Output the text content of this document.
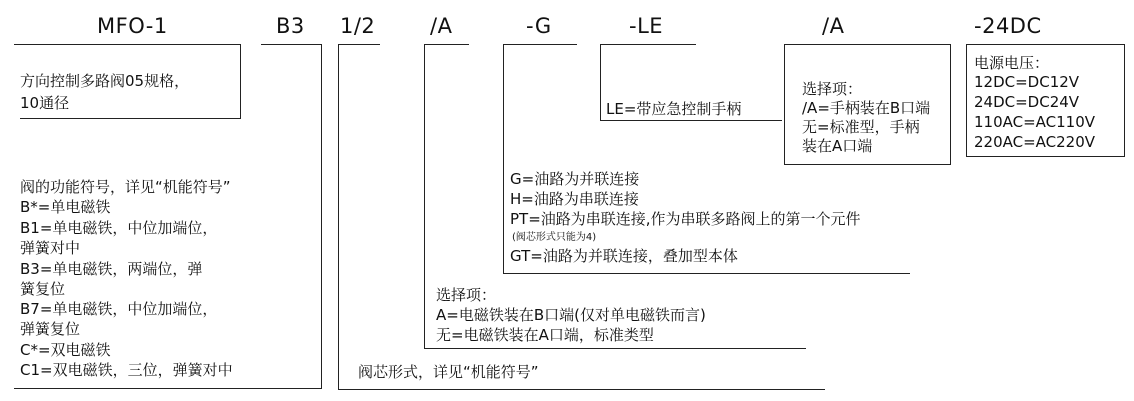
MFO-1	B3 1/2	/A	-G	-LE	/A	-24DC
方向控制多路阀05规格，
10通径
阀的功能符号，详见“机能符号”
B*=单电磁铁
B1=单电磁铁，中位加端位，
弹簧对中
B3=单电磁铁，两端位，弹
簧复位
B7=单电磁铁，中位加端位，
弹簧复位
C*=双电磁铁
C1=双电磁铁，三位，弹簧对中	阀芯形式，详见“机能符号”
选择项：
A=电磁铁装在B口端(仅对单电磁铁而言)
无=电磁铁装在A口端，标准类型
G=油路为并联连接
H=油路为串联连接
PT=油路为串联连接,作为串联多路阀上的第一个元件
(阀芯形式只能为4)
GT=油路为并联连接，叠加型本体
LE=带应急控制手柄
选择项：
/A=手柄装在B口端
无=标准型，手柄
装在A口端
电源电压：
12DC=DC12V
24DC=DC24V
110AC=AC110V
220AC=AC220V
